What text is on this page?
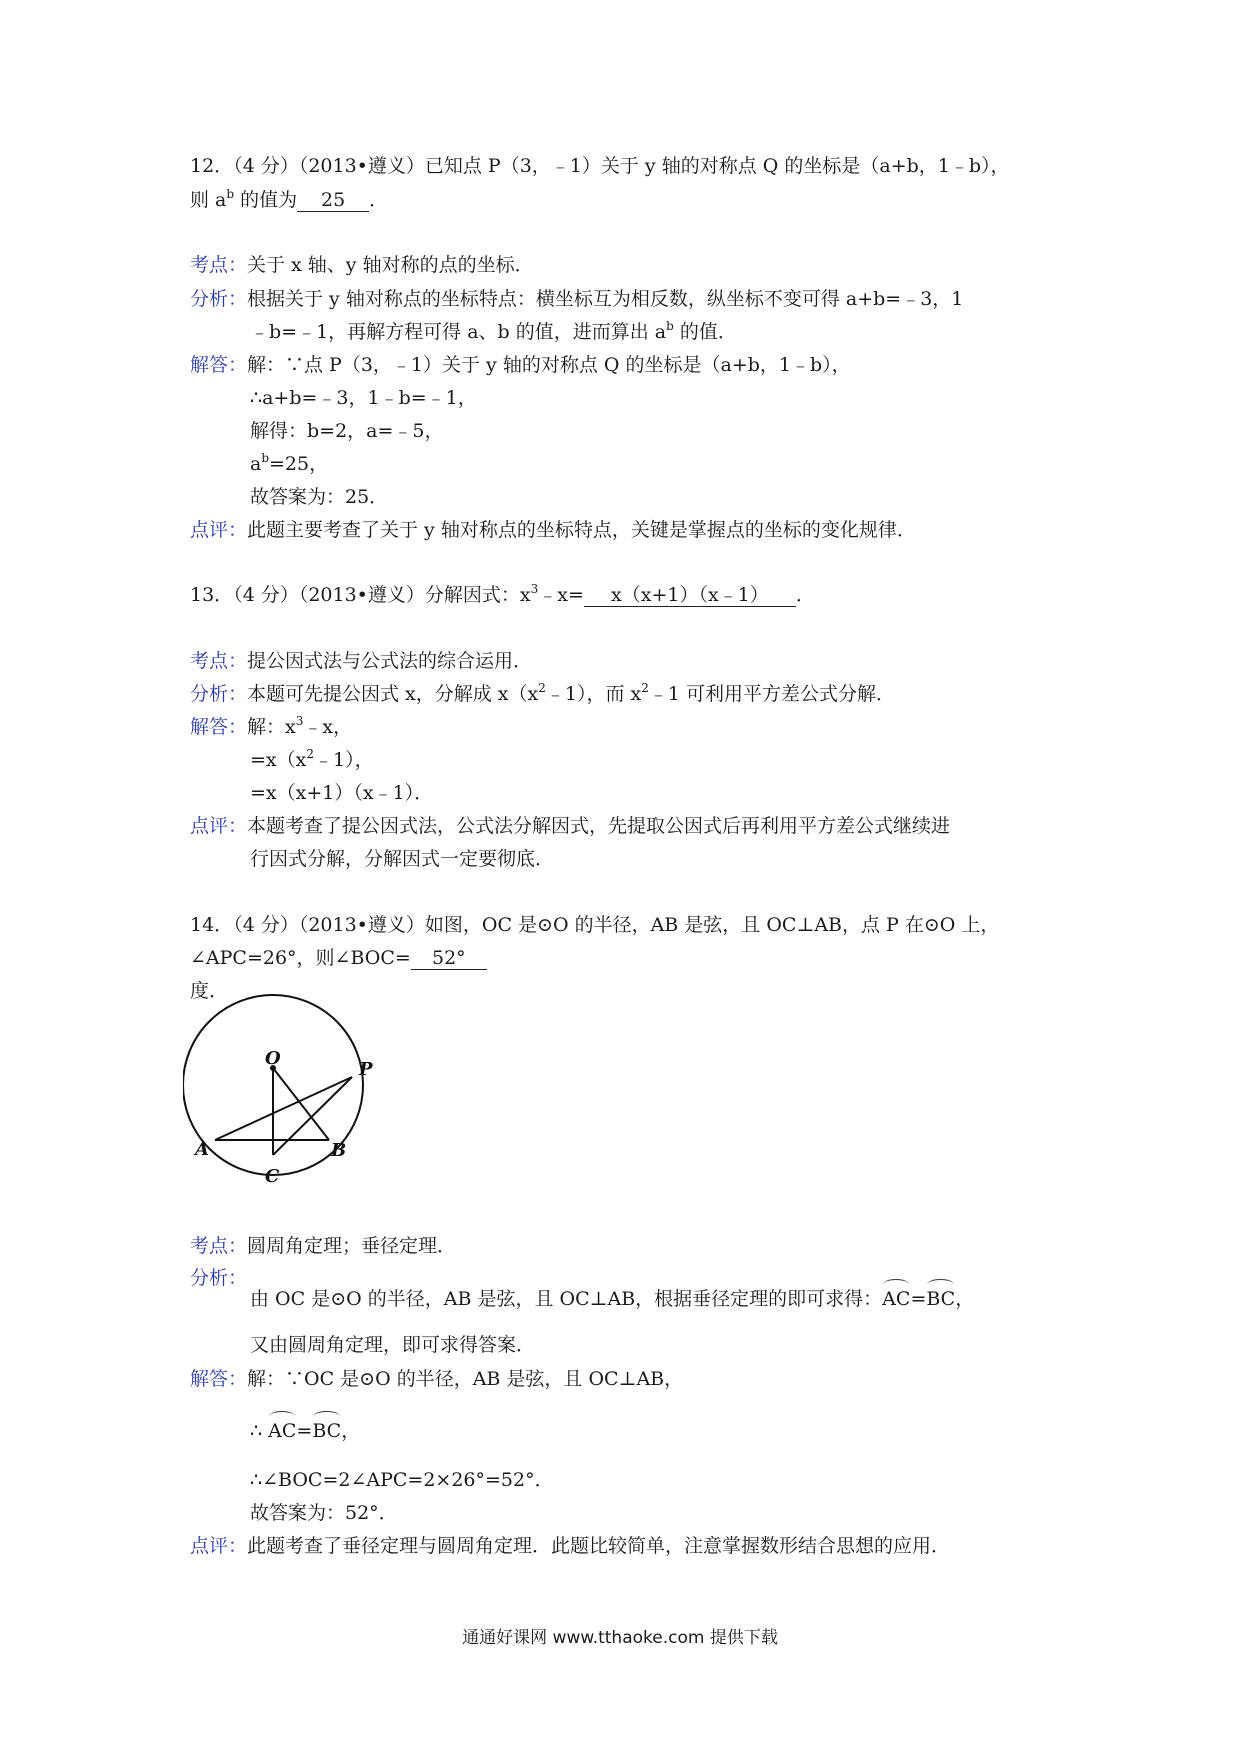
12．（4 分）（2013•遵义）已知点 P（3，﹣1）关于 y 轴的对称点 Q 的坐标是（a+b，1﹣b），
则 $a^b$ 的值为 25 ．
考点：关于 x 轴、y 轴对称的点的坐标．
分析：根据关于 y 轴对称点的坐标特点：横坐标互为相反数，纵坐标不变可得 a+b=﹣3，1
﹣b=﹣1，再解方程可得 a、b 的值，进而算出 $a^b$ 的值．
解答：解：∵点 P（3，﹣1）关于 y 轴的对称点 Q 的坐标是（a+b，1﹣b），
∴a+b=﹣3，1﹣b=﹣1，
解得：b=2，a=﹣5，
$a^b=25$，
故答案为：25．
点评：此题主要考查了关于 y 轴对称点的坐标特点，关键是掌握点的坐标的变化规律．
13．（4 分）（2013•遵义）分解因式：$x^3﹣x=$ x（x+1）（x﹣1） ．
考点：提公因式法与公式法的综合运用．
分析：本题可先提公因式 x，分解成 $x(x^2﹣1)$，而 $x^2﹣1$ 可利用平方差公式分解．
解答：解：$x^3﹣x$，
$=x(x^2﹣1)$，
=x（x+1）（x﹣1）．
点评：本题考查了提公因式法，公式法分解因式，先提取公因式后再利用平方差公式继续进
行因式分解，分解因式一定要彻底．
14．（4 分）（2013•遵义）如图，OC 是⊙O 的半径，AB 是弦，且 OC⊥AB，点 P 在⊙O 上，
∠APC=26°，则∠BOC= 52°
度．
O
P
A	B
C
考点：圆周角定理；垂径定理．
分析：
由 OC 是⊙O 的半径，AB 是弦，且 OC⊥AB，根据垂径定理的即可求得：AC=BC，
又由圆周角定理，即可求得答案．
解答：解：∵OC 是⊙O 的半径，AB 是弦，且 OC⊥AB，
∴ AC=BC，
∴∠BOC=2∠APC=2×26°=52°．
故答案为：52°．
点评：此题考查了垂径定理与圆周角定理．此题比较简单，注意掌握数形结合思想的应用．
通通好课网 www.tthaoke.com 提供下载
